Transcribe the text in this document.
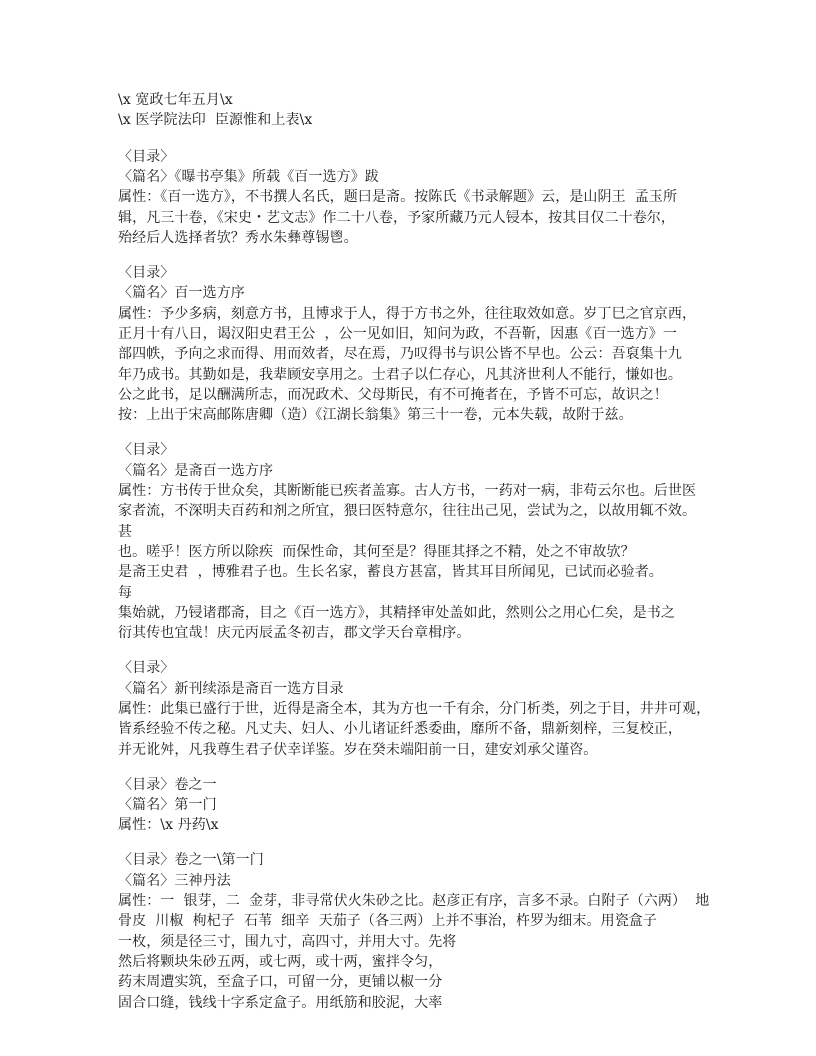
\x 宽政七年五月\x
\x 医学院法印  臣源惟和上表\x
〈目录〉
〈篇名〉《曝书亭集》所载《百一选方》跋
属性：《百一选方》，不书撰人名氏，题曰是斋。按陈氏《书录解题》云，是山阴王  孟玉所
辑，凡三十卷，《宋史・艺文志》作二十八卷，予家所藏乃元人锓本，按其目仅二十卷尔，
殆经后人选择者欤？秀水朱彝尊锡鬯。
〈目录〉
〈篇名〉百一选方序
属性：予少多病，刻意方书，且博求于人，得于方书之外，往往取效如意。岁丁巳之官京西，
正月十有八日，谒汉阳史君王公  ，公一见如旧，知问为政，不吾靳，因惠《百一选方》一
部四帙，予向之求而得、用而效者，尽在焉，乃叹得书与识公皆不早也。公云：吾裒集十九
年乃成书。其勤如是，我辈顾安享用之。士君子以仁存心，凡其济世利人不能行，慊如也。
公之此书，足以酬满所志，而况政术、父母斯民，有不可掩者在，予皆不可忘，故识之！
按：上出于宋高邮陈唐卿（造）《江湖长翁集》第三十一卷，元本失载，故附于兹。
〈目录〉
〈篇名〉是斋百一选方序
属性：方书传于世众矣，其断断能已疾者盖寡。古人方书，一药对一病，非苟云尔也。后世医
家者流，不深明夫百药和剂之所宜，猥曰医特意尔，往往出己见，尝试为之，以故用辄不效。
甚
也。嗟乎！医方所以除疾  而保性命，其何至是？得匪其择之不精，处之不审故欤？
是斋王史君  ，博雅君子也。生长名家，蓄良方甚富，皆其耳目所闻见，已试而必验者。
每
集始就，乃锓诸郡斋，目之《百一选方》，其精择审处盖如此，然则公之用心仁矣，是书之
衍其传也宜哉！庆元丙辰孟冬初吉，郡文学天台章楫序。
〈目录〉
〈篇名〉新刊续添是斋百一选方目录
属性：此集已盛行于世，近得是斋全本，其为方也一千有余，分门析类，列之于目，井井可观，
皆系经验不传之秘。凡丈夫、妇人、小儿诸证纤悉委曲，靡所不备，鼎新刻梓，三复校正，
并无讹舛，凡我尊生君子伏幸详鉴。岁在癸未端阳前一日，建安刘承父谨咨。
〈目录〉卷之一
〈篇名〉第一门
属性：\x 丹药\x
〈目录〉卷之一\第一门
〈篇名〉三神丹法
属性：一  银芽，二  金芽，非寻常伏火朱砂之比。赵彦正有序，言多不录。白附子（六两）  地
骨皮  川椒  枸杞子  石苇  细辛  天茄子（各三两）上并不事治，杵罗为细末。用瓷盒子
一枚，须是径三寸，围九寸，高四寸，并用大寸。先将
然后将颗块朱砂五两，或七两，或十两，蜜拌令匀，
药末周遭实筑，至盒子口，可留一分，更铺以椒一分
固合口缝，钱线十字系定盒子。用纸筋和胶泥，大率
